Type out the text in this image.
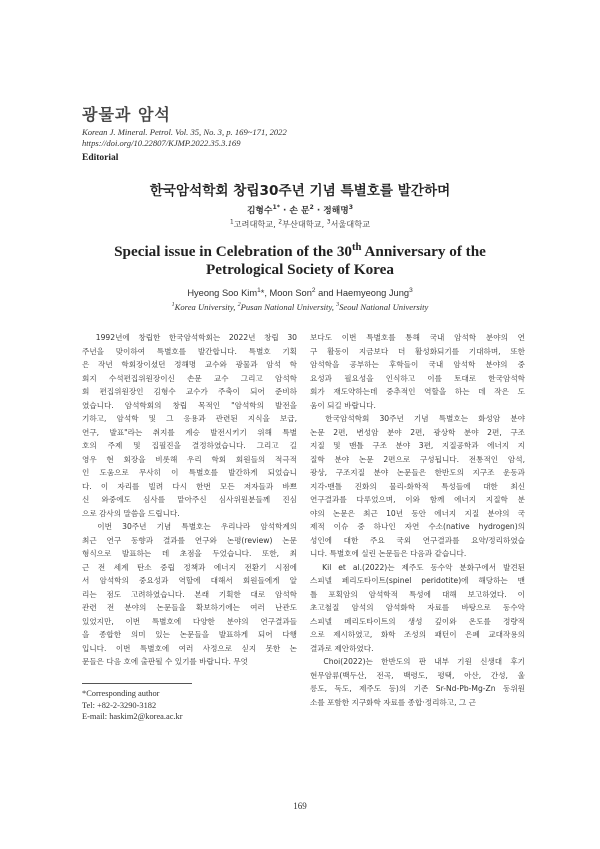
광물과 암석
Korean J. Mineral. Petrol. Vol. 35, No. 3, p. 169~171, 2022
https://doi.org/10.22807/KJMP.2022.35.3.169
Editorial
한국암석학회 창립30주년 기념 특별호를 발간하며
김형수$^{1*}$ · 손 문$^2$ · 정해명$^3$
$^1$고려대학교, $^2$부산대학교, $^3$서울대학교
Special issue in Celebration of the 30th Anniversary of the
Petrological Society of Korea
Hyeong Soo Kim$^1$*, Moon Son$^2$ and Haemyeong Jung$^3$
$^1$Korea University, $^2$Pusan National University, $^3$Seoul National University
　1992년에 창립한 한국암석학회는 2022년 창립 30
주년을 맞이하여 특별호를 발간합니다. 특별호 기획
은 작년 학회장이셨던 정해명 교수와 광물과 암석 학
회지 수석편집위원장이신 손문 교수 그리고 암석학
회 편집위원장인 김형수 교수가 주축이 되어 준비하
였습니다. 암석학회의 창립 목적인 "암석학의 발전을
기하고, 암석학 및 그 응용과 관련된 지식을 보급,
연구, 발표"라는 취지를 계승 발전시키기 위해 특별
호의 주제 및 집필진을 결정하였습니다. 그리고 길
영우 현 회장을 비롯해 우리 학회 회원들의 적극적
인 도움으로 무사히 이 특별호를 발간하게 되었습니
다. 이 자리를 빌려 다시 한번 모든 저자들과 바쁘
신 와중에도 심사를 맡아주신 심사위원분들께 진심
으로 감사의 말씀을 드립니다.
　이번 30주년 기념 특별호는 우리나라 암석학계의
최근 연구 동향과 결과를 연구와 논평(review) 논문
형식으로 발표하는 데 초점을 두었습니다. 또한, 최
근 전 세계 탄소 중립 정책과 에너지 전환기 시점에
서 암석학의 중요성과 역할에 대해서 회원들에게 알
리는 점도 고려하였습니다. 본래 기획한 대로 암석학
관련 전 분야의 논문들을 확보하기에는 여러 난관도
있었지만, 이번 특별호에 다양한 분야의 연구결과들
을 종합한 의미 있는 논문들을 발표하게 되어 다행
입니다. 이번 특별호에 여러 사정으로 싣지 못한 논
문들은 다음 호에 출판될 수 있기를 바랍니다. 무엇
보다도 이번 특별호를 통해 국내 암석학 분야의 연
구 활동이 지금보다 더 활성화되기를 기대하며, 또한
암석학을 공부하는 후학들이 국내 암석학 분야의 중
요성과 필요성을 인식하고 이를 토대로 한국암석학
회가 재도약하는데 중추적인 역할을 하는 데 작은 도
움이 되길 바랍니다.
　한국암석학회 30주년 기념 특별호는 화성암 분야
논문 2편, 변성암 분야 2편, 광상학 분야 2편, 구조
지질 및 맨틀 구조 분야 3편, 지질공학과 에너지 지
질학 분야 논문 2편으로 구성됩니다. 전통적인 암석,
광상, 구조지질 분야 논문들은 한반도의 지구조 운동과
지각-맨틀 진화의 물리-화학적 특성들에 대한 최신
연구결과를 다루었으며, 이와 함께 에너지 지질학 분
야의 논문은 최근 10년 동안 에너지 지질 분야의 국
제적 이슈 중 하나인 자연 수소(native hydrogen)의
성인에 대한 주요 국외 연구결과를 요약/정리하였습
니다. 특별호에 실린 논문들은 다음과 같습니다.
　Kil et al.(2022)는 제주도 동수악 분화구에서 발견된
스피넬 페리도타이트(spinel peridotite)에 해당하는 맨
틀 포획암의 암석학적 특성에 대해 보고하였다. 이
초고철질 암석의 암석화학 자료를 바탕으로 동수악
스피넬 페리도타이트의 생성 깊이와 온도를 정량적
으로 제시하였고, 화학 조성의 패턴이 은폐 교대작용의
결과로 제안하였다.
　Choi(2022)는 한반도의 판 내부 기원 신생대 후기
현무암류(백두산, 전곡, 백령도, 평택, 아산, 간성, 울
릉도, 독도, 제주도 등)의 기존 Sr-Nd-Pb-Mg-Zn 동위원
소를 포함한 지구화학 자료를 종합·정리하고, 그 근
*Corresponding author
Tel: +82-2-3290-3182
E-mail: haskim2@korea.ac.kr
169
